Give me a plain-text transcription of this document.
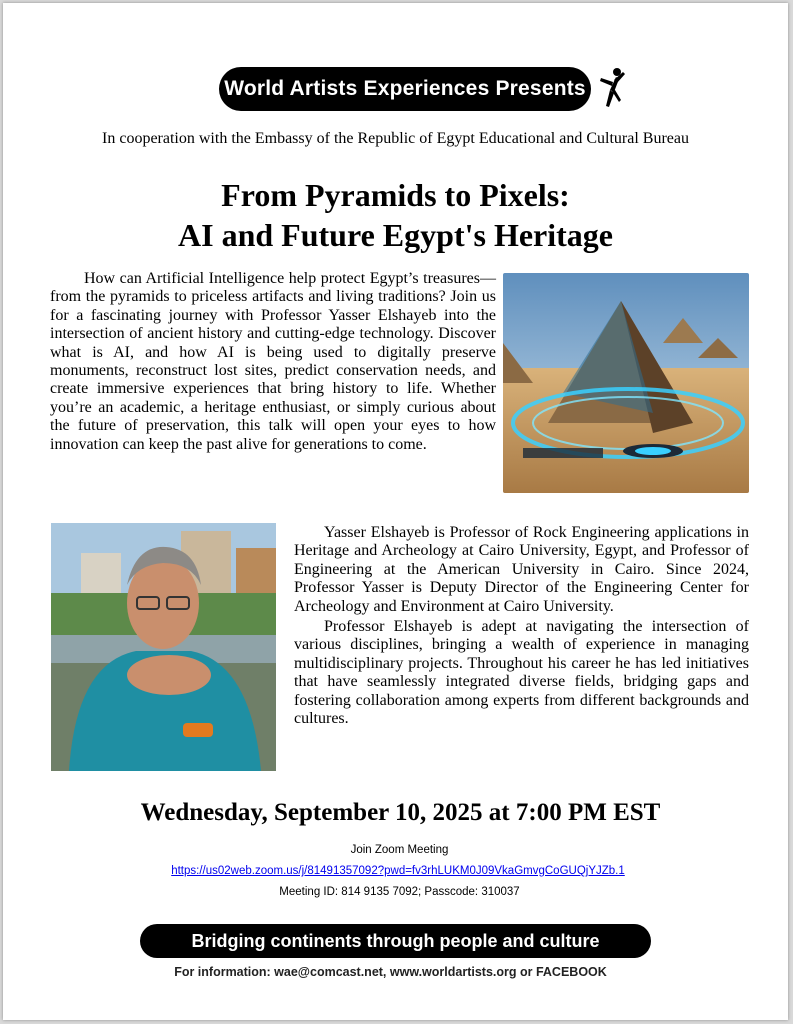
World Artists Experiences Presents
In cooperation with the Embassy of the Republic of Egypt Educational and Cultural Bureau
From Pyramids to Pixels:
AI and Future Egypt's Heritage

How can Artificial Intelligence help protect Egypt’s treasures—from the pyramids to priceless artifacts and living traditions? Join us for a fascinating journey with Professor Yasser Elshayeb into the intersection of ancient history and cutting-edge technology. Discover what is AI, and how AI is being used to digitally preserve monuments, reconstruct lost sites, predict conservation needs, and create immersive experiences that bring history to life. Whether you’re an academic, a heritage enthusiast, or simply curious about the future of preservation, this talk will open your eyes to how innovation can keep the past alive for generations to come.

Yasser Elshayeb is Professor of Rock Engineering applications in Heritage and Archeology at Cairo University, Egypt, and Professor of Engineering at the American University in Cairo. Since 2024, Professor Yasser is Deputy Director of the Engineering Center for Archeology and Environment at Cairo University.

Professor Elshayeb is adept at navigating the intersection of various disciplines, bringing a wealth of experience in managing multidisciplinary projects. Throughout his career he has led initiatives that have seamlessly integrated diverse fields, bridging gaps and fostering collaboration among experts from different backgrounds and cultures.

Wednesday, September 10, 2025 at 7:00 PM EST
Join Zoom Meeting
https://us02web.zoom.us/j/81491357092?pwd=fv3rhLUKM0J09VkaGmvgCoGUQjYJZb.1
Meeting ID: 814 9135 7092; Passcode: 310037
Bridging continents through people and culture
For information: wae@comcast.net, www.worldartists.org or FACEBOOK
